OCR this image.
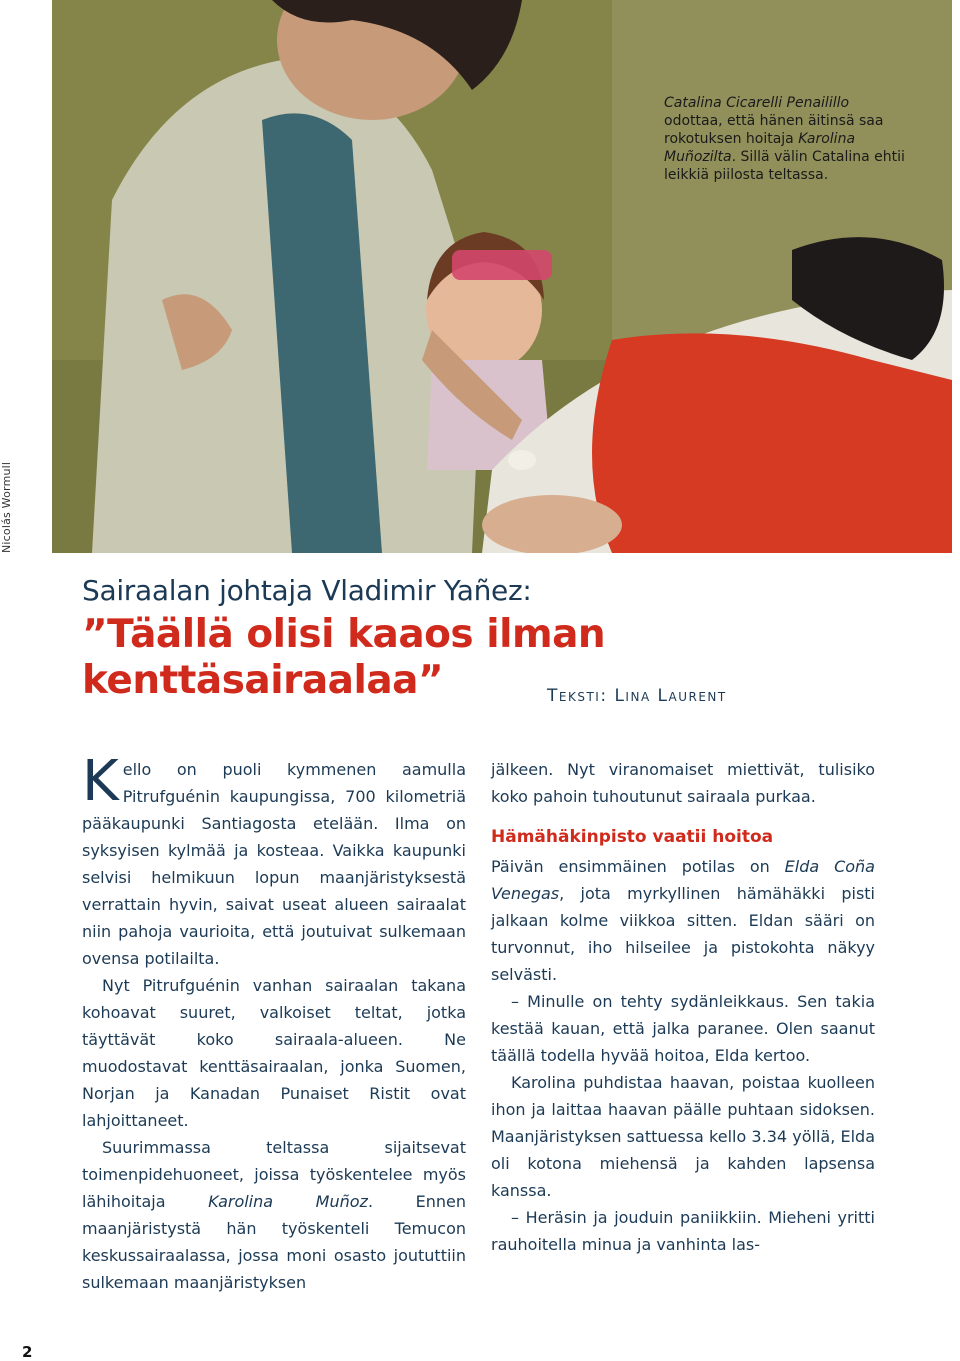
Catalina Cicarelli Penailillo odottaa, että hänen äitinsä saa rokotuksen hoitaja Karolina Muñozilta. Sillä välin Catalina ehtii leikkiä piilosta teltassa.
Nicolás Wormull
Sairaalan johtaja Vladimir Yañez:
”Täällä olisi kaaos ilman kenttäsairaalaa”	Teksti: Lina Laurent

Kello on puoli kymmenen aamulla Pitrufguénin kaupungissa, 700 kilometriä pääkaupunki Santiagosta etelään. Ilma on syksyisen kylmää ja kosteaa. Vaikka kaupunki selvisi helmikuun lopun maanjäristyksestä verrattain hyvin, saivat useat alueen sairaalat niin pahoja vaurioita, että joutuivat sulkemaan ovensa potilailta.

Nyt Pitrufguénin vanhan sairaalan takana kohoavat suuret, valkoiset teltat, jotka täyttävät koko sairaala-alueen. Ne muodostavat kenttäsairaalan, jonka Suomen, Norjan ja Kanadan Punaiset Ristit ovat lahjoittaneet.

Suurimmassa teltassa sijaitsevat toimenpidehuoneet, joissa työskentelee myös lähihoitaja Karolina Muñoz. Ennen maanjäristystä hän työskenteli Temucon keskussairaalassa, jossa moni osasto joututtiin sulkemaan maanjäristyksen

jälkeen. Nyt viranomaiset miettivät, tulisiko koko pahoin tuhoutunut sairaala purkaa.

Hämähäkinpisto vaatii hoitoa

Päivän ensimmäinen potilas on Elda Coña Venegas, jota myrkyllinen hämähäkki pisti jalkaan kolme viikkoa sitten. Eldan sääri on turvonnut, iho hilseilee ja pistokohta näkyy selvästi.

– Minulle on tehty sydänleikkaus. Sen takia kestää kauan, että jalka paranee. Olen saanut täällä todella hyvää hoitoa, Elda kertoo.

Karolina puhdistaa haavan, poistaa kuolleen ihon ja laittaa haavan päälle puhtaan sidoksen. Maanjäristyksen sattuessa kello 3.34 yöllä, Elda oli kotona miehensä ja kahden lapsensa kanssa.

– Heräsin ja jouduin paniikkiin. Mieheni yritti rauhoitella minua ja vanhinta las-

2
